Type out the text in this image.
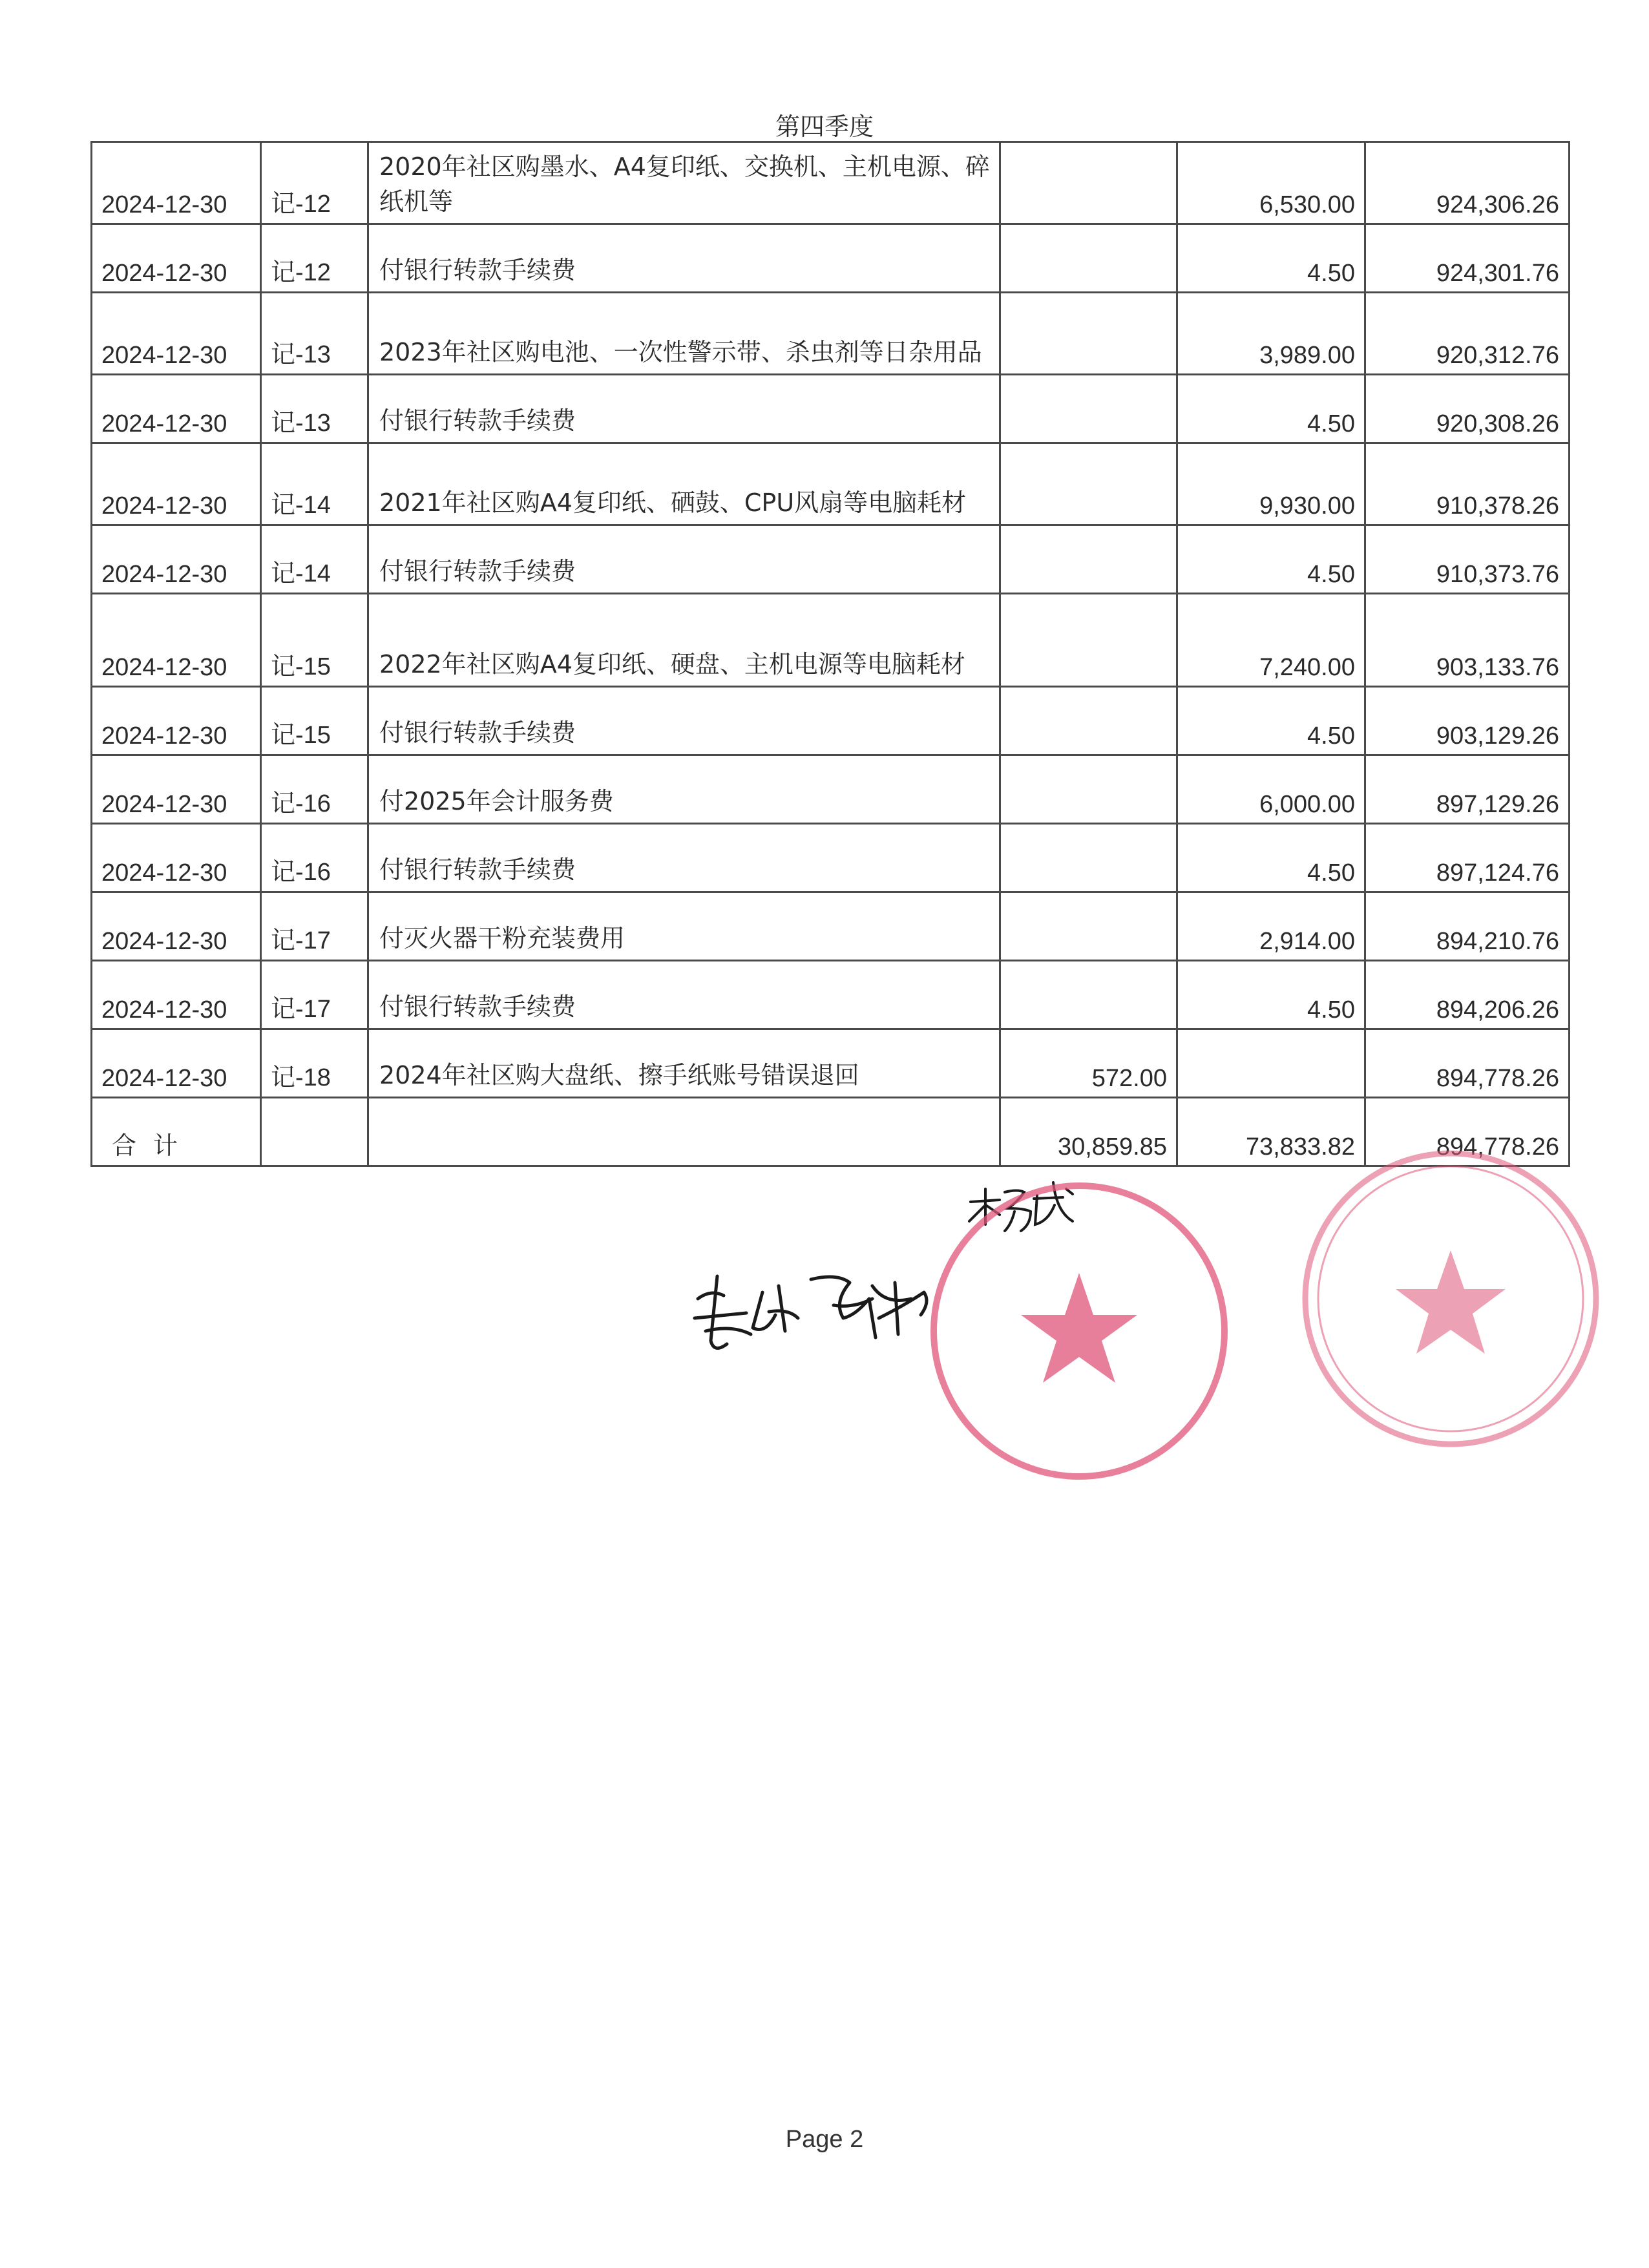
第四季度
2024-12-30	记-12	2020年社区购墨水、A4复印纸、交换机、主机电源、碎纸机等		6,530.00	924,306.26
2024-12-30	记-12	付银行转款手续费		4.50	924,301.76
2024-12-30	记-13	2023年社区购电池、一次性警示带、杀虫剂等日杂用品		3,989.00	920,312.76
2024-12-30	记-13	付银行转款手续费		4.50	920,308.26
2024-12-30	记-14	2021年社区购A4复印纸、硒鼓、CPU风扇等电脑耗材		9,930.00	910,378.26
2024-12-30	记-14	付银行转款手续费		4.50	910,373.76
2024-12-30	记-15	2022年社区购A4复印纸、硬盘、主机电源等电脑耗材		7,240.00	903,133.76
2024-12-30	记-15	付银行转款手续费		4.50	903,129.26
2024-12-30	记-16	付2025年会计服务费		6,000.00	897,129.26
2024-12-30	记-16	付银行转款手续费		4.50	897,124.76
2024-12-30	记-17	付灭火器干粉充装费用		2,914.00	894,210.76
2024-12-30	记-17	付银行转款手续费		4.50	894,206.26
2024-12-30	记-18	2024年社区购大盘纸、擦手纸账号错误退回	572.00		894,778.26
合计			30,859.85	73,833.82	894,778.26
Page 2
